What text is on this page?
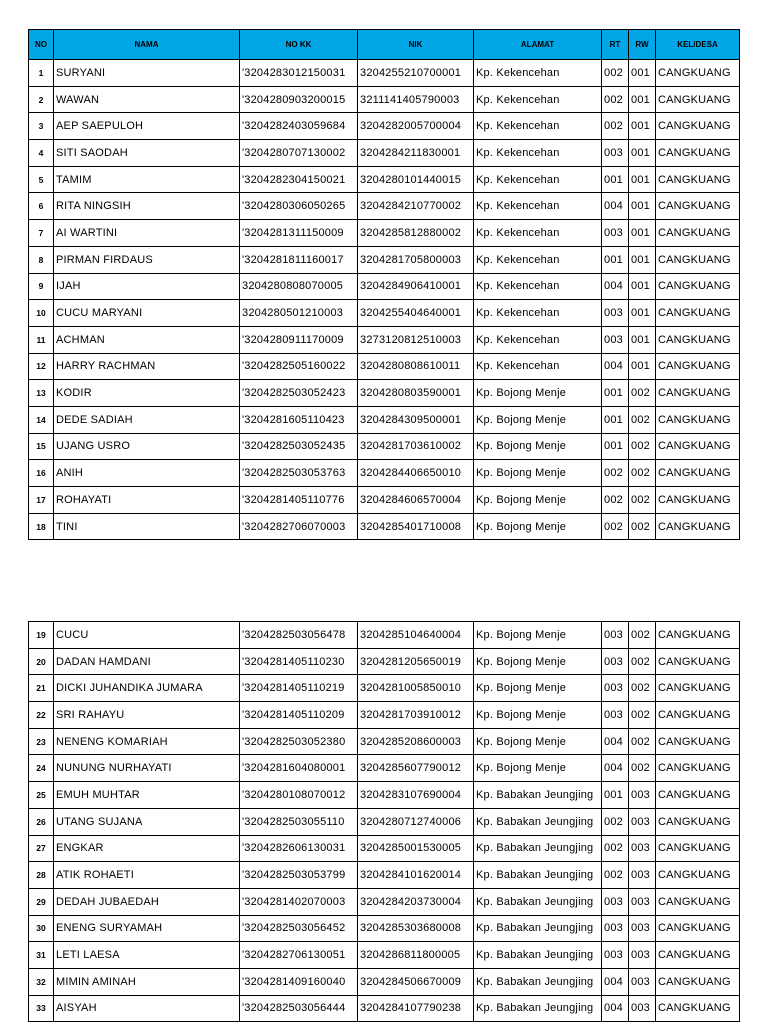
NO	NAMA	NO KK	NIK	ALAMAT	RT	RW	KEL/DESA
1	SURYANI	'3204283012150031	3204255210700001	Kp. Kekencehan	002	001	CANGKUANG
2	WAWAN	'3204280903200015	3211141405790003	Kp. Kekencehan	002	001	CANGKUANG
3	AEP SAEPULOH	'3204282403059684	3204282005700004	Kp. Kekencehan	002	001	CANGKUANG
4	SITI SAODAH	'3204280707130002	3204284211830001	Kp. Kekencehan	003	001	CANGKUANG
5	TAMIM	'3204282304150021	3204280101440015	Kp. Kekencehan	001	001	CANGKUANG
6	RITA NINGSIH	'3204280306050265	3204284210770002	Kp. Kekencehan	004	001	CANGKUANG
7	AI WARTINI	'3204281311150009	3204285812880002	Kp. Kekencehan	003	001	CANGKUANG
8	PIRMAN FIRDAUS	'3204281811160017	3204281705800003	Kp. Kekencehan	001	001	CANGKUANG
9	IJAH	3204280808070005	3204284906410001	Kp. Kekencehan	004	001	CANGKUANG
10	CUCU MARYANI	3204280501210003	3204255404640001	Kp. Kekencehan	003	001	CANGKUANG
11	ACHMAN	'3204280911170009	3273120812510003	Kp. Kekencehan	003	001	CANGKUANG
12	HARRY RACHMAN	'3204282505160022	3204280808610011	Kp. Kekencehan	004	001	CANGKUANG
13	KODIR	'3204282503052423	3204280803590001	Kp. Bojong Menje	001	002	CANGKUANG
14	DEDE SADIAH	'3204281605110423	3204284309500001	Kp. Bojong Menje	001	002	CANGKUANG
15	UJANG USRO	'3204282503052435	3204281703610002	Kp. Bojong Menje	001	002	CANGKUANG
16	ANIH	'3204282503053763	3204284406650010	Kp. Bojong Menje	002	002	CANGKUANG
17	ROHAYATI	'3204281405110776	3204284606570004	Kp. Bojong Menje	002	002	CANGKUANG
18	TINI	'3204282706070003	3204285401710008	Kp. Bojong Menje	002	002	CANGKUANG
19	CUCU	'3204282503056478	3204285104640004	Kp. Bojong Menje	003	002	CANGKUANG
20	DADAN HAMDANI	'3204281405110230	3204281205650019	Kp. Bojong Menje	003	002	CANGKUANG
21	DICKI JUHANDIKA JUMARA	'3204281405110219	3204281005850010	Kp. Bojong Menje	003	002	CANGKUANG
22	SRI RAHAYU	'3204281405110209	3204281703910012	Kp. Bojong Menje	003	002	CANGKUANG
23	NENENG KOMARIAH	'3204282503052380	3204285208600003	Kp. Bojong Menje	004	002	CANGKUANG
24	NUNUNG NURHAYATI	'3204281604080001	3204285607790012	Kp. Bojong Menje	004	002	CANGKUANG
25	EMUH MUHTAR	'3204280108070012	3204283107690004	Kp. Babakan Jeungjing	001	003	CANGKUANG
26	UTANG SUJANA	'3204282503055110	3204280712740006	Kp. Babakan Jeungjing	002	003	CANGKUANG
27	ENGKAR	'3204282606130031	3204285001530005	Kp. Babakan Jeungjing	002	003	CANGKUANG
28	ATIK ROHAETI	'3204282503053799	3204284101620014	Kp. Babakan Jeungjing	002	003	CANGKUANG
29	DEDAH JUBAEDAH	'3204281402070003	3204284203730004	Kp. Babakan Jeungjing	003	003	CANGKUANG
30	ENENG SURYAMAH	'3204282503056452	3204285303680008	Kp. Babakan Jeungjing	003	003	CANGKUANG
31	LETI LAESA	'3204282706130051	3204286811800005	Kp. Babakan Jeungjing	003	003	CANGKUANG
32	MIMIN AMINAH	'3204281409160040	3204284506670009	Kp. Babakan Jeungjing	004	003	CANGKUANG
33	AISYAH	'3204282503056444	3204284107790238	Kp. Babakan Jeungjing	004	003	CANGKUANG
